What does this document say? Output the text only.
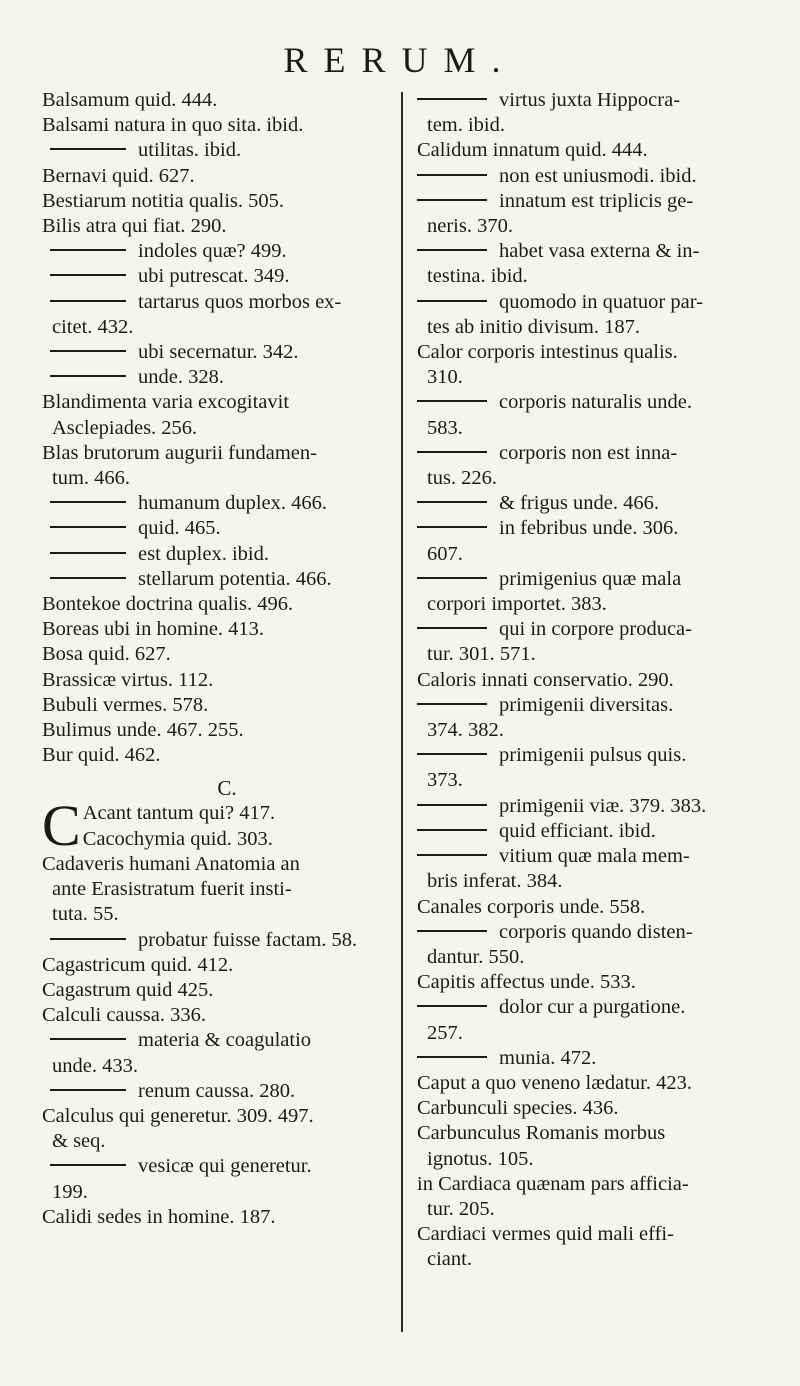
RERUM.
Balsamum quid. 444.
Balsami natura in quo sita. ibid.
utilitas. ibid.
Bernavi quid. 627.
Bestiarum notitia qualis. 505.
Bilis atra qui fiat. 290.
indoles quæ? 499.
ubi putrescat. 349.
tartarus quos morbos ex-
citet. 432.
ubi secernatur. 342.
unde. 328.
Blandimenta varia excogitavit
Asclepiades. 256.
Blas brutorum augurii fundamen-
tum. 466.
humanum duplex. 466.
quid. 465.
est duplex. ibid.
stellarum potentia. 466.
Bontekoe doctrina qualis. 496.
Boreas ubi in homine. 413.
Bosa quid. 627.
Brassicæ virtus. 112.
Bubuli vermes. 578.
Bulimus unde. 467. 255.
Bur quid. 462.
C.
C Acant tantum qui? 417.
Cacochymia quid. 303.
Cadaveris humani Anatomia an
ante Erasistratum fuerit insti-
tuta. 55.
probatur fuisse factam. 58.
Cagastricum quid. 412.
Cagastrum quid 425.
Calculi caussa. 336.
materia & coagulatio
unde. 433.
renum caussa. 280.
Calculus qui generetur. 309. 497.
& seq.
vesicæ qui generetur.
199.
Calidi sedes in homine. 187.
virtus juxta Hippocra-
tem. ibid.
Calidum innatum quid. 444.
non est uniusmodi. ibid.
innatum est triplicis ge-
neris. 370.
habet vasa externa & in-
testina. ibid.
quomodo in quatuor par-
tes ab initio divisum. 187.
Calor corporis intestinus qualis.
310.
corporis naturalis unde.
583.
corporis non est inna-
tus. 226.
& frigus unde. 466.
in febribus unde. 306.
607.
primigenius quæ mala
corpori importet. 383.
qui in corpore produca-
tur. 301. 571.
Caloris innati conservatio. 290.
primigenii diversitas.
374. 382.
primigenii pulsus quis.
373.
primigenii viæ. 379. 383.
quid efficiant. ibid.
vitium quæ mala mem-
bris inferat. 384.
Canales corporis unde. 558.
corporis quando disten-
dantur. 550.
Capitis affectus unde. 533.
dolor cur a purgatione.
257.
munia. 472.
Caput a quo veneno lædatur. 423.
Carbunculi species. 436.
Carbunculus Romanis morbus
ignotus. 105.
in Cardiaca quænam pars afficia-
tur. 205.
Cardiaci vermes quid mali effi-
ciant.
